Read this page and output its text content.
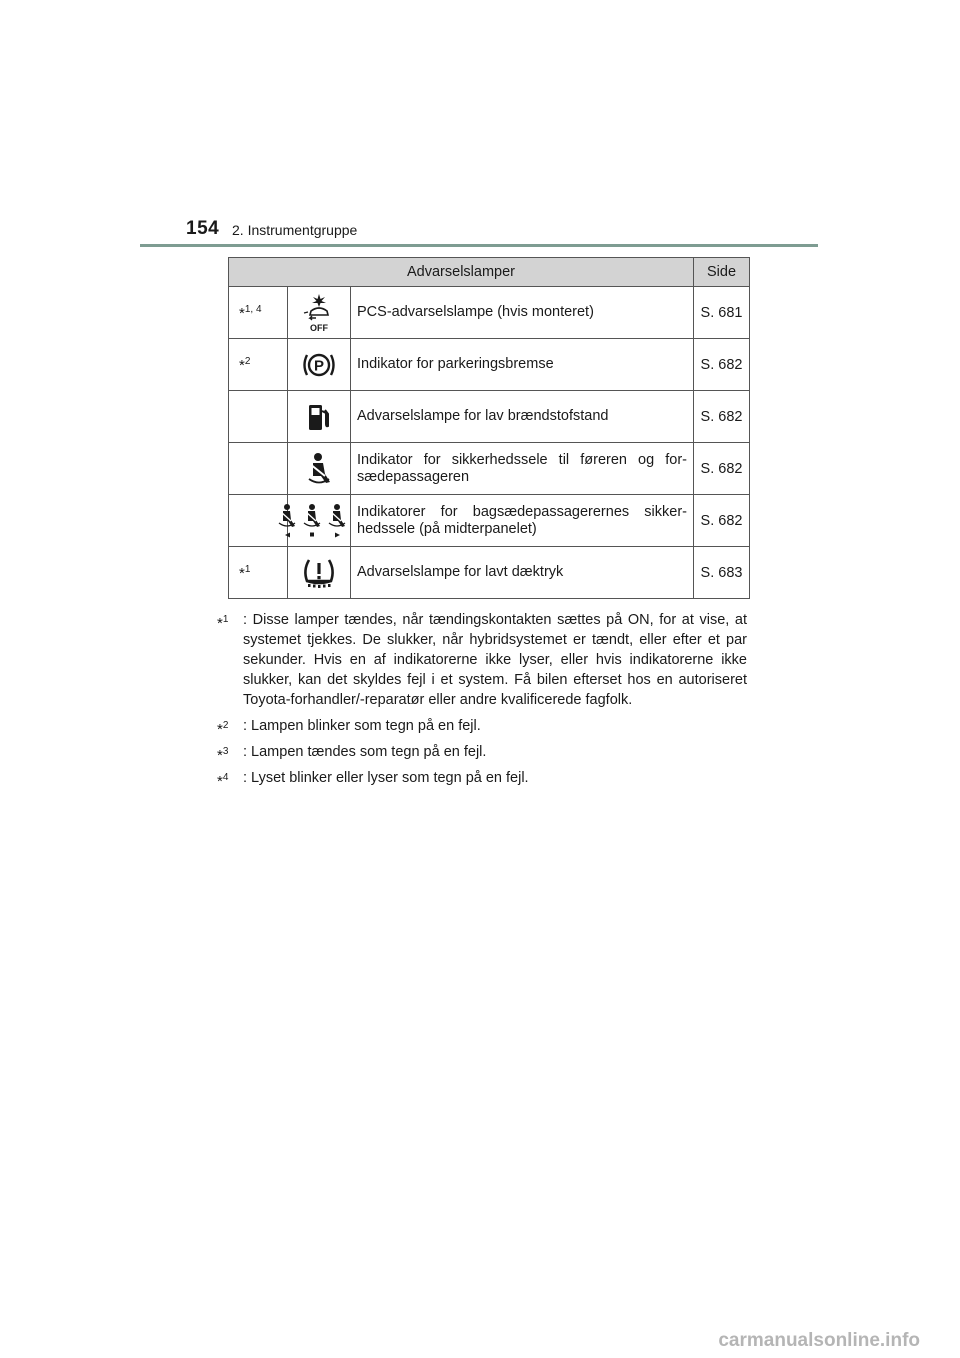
154 2. Instrumentgruppe
Advarselslamper			Side
*$^{1, 4}$	OFF	PCS-advarselslampe (hvis monteret)	S. 681
*$^2$	P	Indikator for parkeringsbremse	S. 682

	Advarselslampe for lav brændstofstand	S. 682

	Indikator for sikkerhedssele til føreren og for-sædepassageren	S. 682

	Indikatorer for bagsædepassagerernes sikker-hedssele (på midterpanelet)	S. 682
*$^1$		Advarselslampe for lavt dæktryk	S. 683
*$^1$ : Disse lamper tændes, når tændingskontakten sættes på ON, for at vise, at systemet tjekkes. De slukker, når hybridsystemet er tændt, eller efter et par sekunder. Hvis en af indikatorerne ikke lyser, eller hvis indikatorerne ikke slukker, kan det skyldes fejl i et system. Få bilen efterset hos en autoriseret Toyota-forhandler/-reparatør eller andre kvalificerede fagfolk.
*$^2$ : Lampen blinker som tegn på en fejl.
*$^3$ : Lampen tændes som tegn på en fejl.
*$^4$ : Lyset blinker eller lyser som tegn på en fejl.
carmanualsonline.info
